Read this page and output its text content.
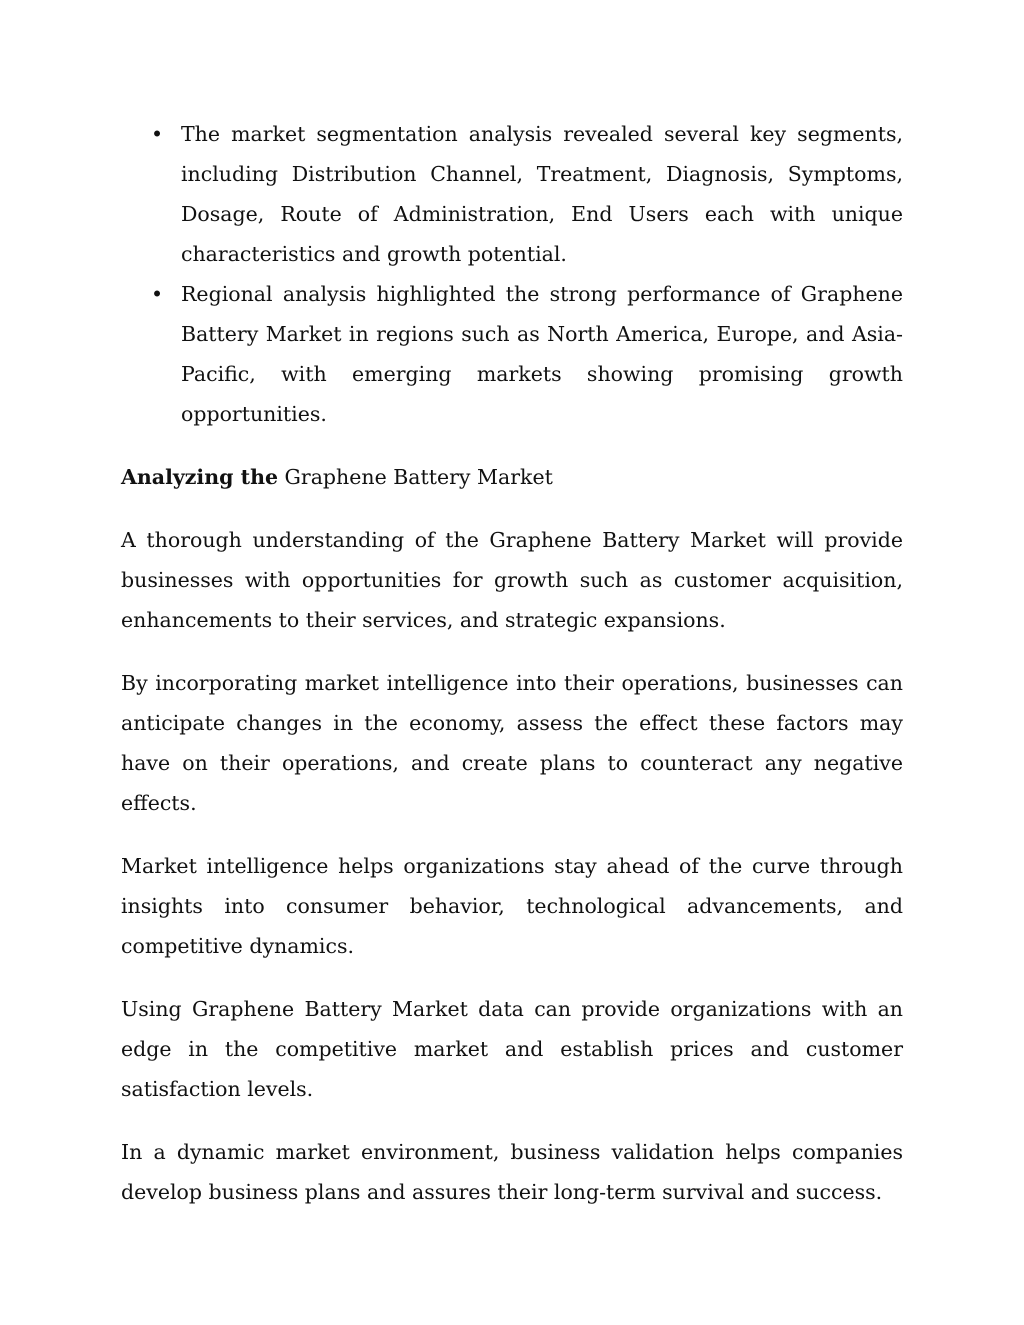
• The market segmentation analysis revealed several key segments, including Distribution Channel, Treatment, Diagnosis, Symptoms, Dosage, Route of Administration, End Users each with unique characteristics and growth potential.
• Regional analysis highlighted the strong performance of Graphene Battery Market in regions such as North America, Europe, and Asia-Pacific, with emerging markets showing promising growth opportunities.
Analyzing the Graphene Battery Market

A thorough understanding of the Graphene Battery Market will provide businesses with opportunities for growth such as customer acquisition, enhancements to their services, and strategic expansions.

By incorporating market intelligence into their operations, businesses can anticipate changes in the economy, assess the effect these factors may have on their operations, and create plans to counteract any negative effects.

Market intelligence helps organizations stay ahead of the curve through insights into consumer behavior, technological advancements, and competitive dynamics.

Using Graphene Battery Market data can provide organizations with an edge in the competitive market and establish prices and customer satisfaction levels.

In a dynamic market environment, business validation helps companies develop business plans and assures their long-term survival and success.
